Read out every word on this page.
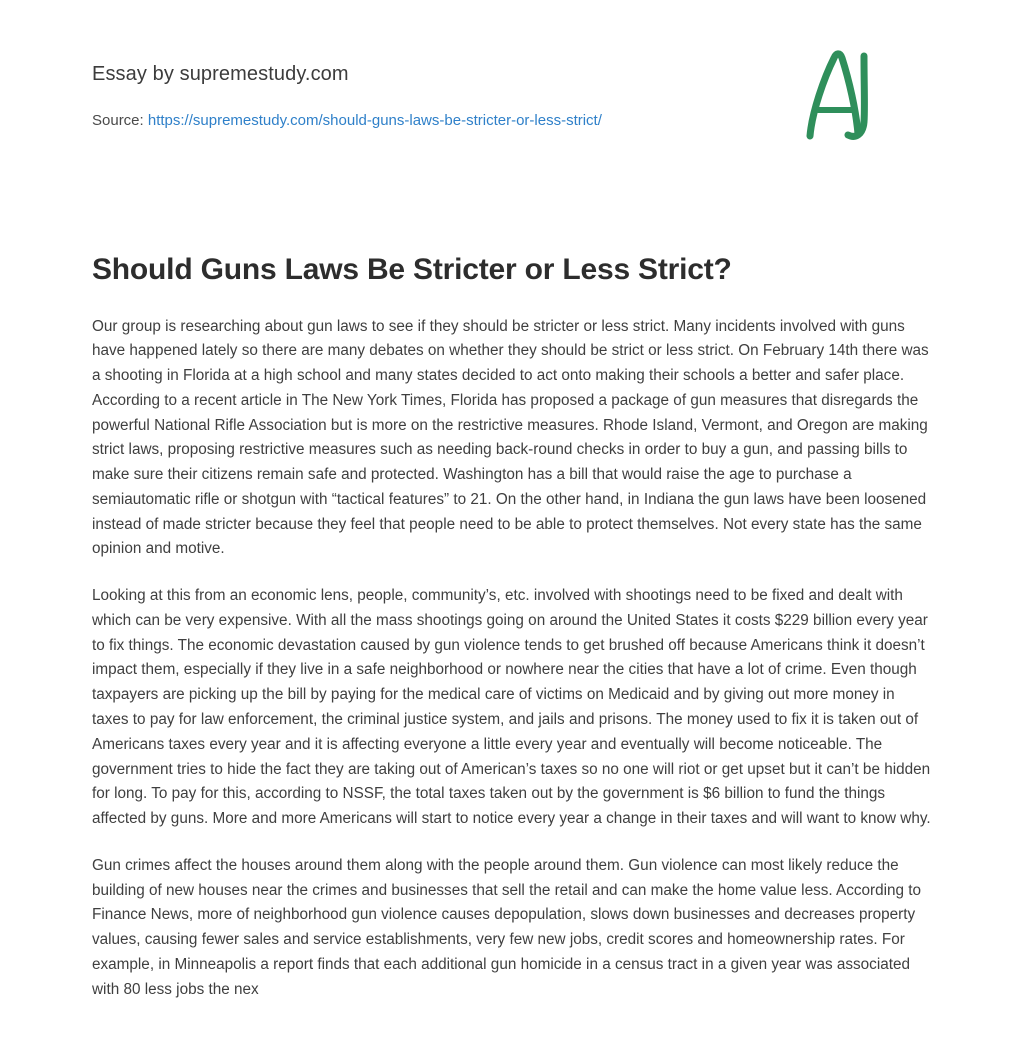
Essay by supremestudy.com
Source: https://supremestudy.com/should-guns-laws-be-stricter-or-less-strict/
Should Guns Laws Be Stricter or Less Strict?

Our group is researching about gun laws to see if they should be stricter or less strict. Many incidents involved with guns have happened lately so there are many debates on whether they should be strict or less strict. On February 14th there was a shooting in Florida at a high school and many states decided to act onto making their schools a better and safer place. According to a recent article in The New York Times, Florida has proposed a package of gun measures that disregards the powerful National Rifle Association but is more on the restrictive measures. Rhode Island, Vermont, and Oregon are making strict laws, proposing restrictive measures such as needing back-round checks in order to buy a gun, and passing bills to make sure their citizens remain safe and protected. Washington has a bill that would raise the age to purchase a semiautomatic rifle or shotgun with “tactical features” to 21. On the other hand, in Indiana the gun laws have been loosened instead of made stricter because they feel that people need to be able to protect themselves. Not every state has the same opinion and motive.

Looking at this from an economic lens, people, community’s, etc. involved with shootings need to be fixed and dealt with which can be very expensive. With all the mass shootings going on around the United States it costs $229 billion every year to fix things. The economic devastation caused by gun violence tends to get brushed off because Americans think it doesn’t impact them, especially if they live in a safe neighborhood or nowhere near the cities that have a lot of crime. Even though taxpayers are picking up the bill by paying for the medical care of victims on Medicaid and by giving out more money in taxes to pay for law enforcement, the criminal justice system, and jails and prisons. The money used to fix it is taken out of Americans taxes every year and it is affecting everyone a little every year and eventually will become noticeable. The government tries to hide the fact they are taking out of American’s taxes so no one will riot or get upset but it can’t be hidden for long. To pay for this, according to NSSF, the total taxes taken out by the government is $6 billion to fund the things affected by guns. More and more Americans will start to notice every year a change in their taxes and will want to know why.

Gun crimes affect the houses around them along with the people around them. Gun violence can most likely reduce the building of new houses near the crimes and businesses that sell the retail and can make the home value less. According to Finance News, more of neighborhood gun violence causes depopulation, slows down businesses and decreases property values, causing fewer sales and service establishments, very few new jobs, credit scores and homeownership rates. For example, in Minneapolis a report finds that each additional gun homicide in a census tract in a given year was associated with 80 less jobs the nex
